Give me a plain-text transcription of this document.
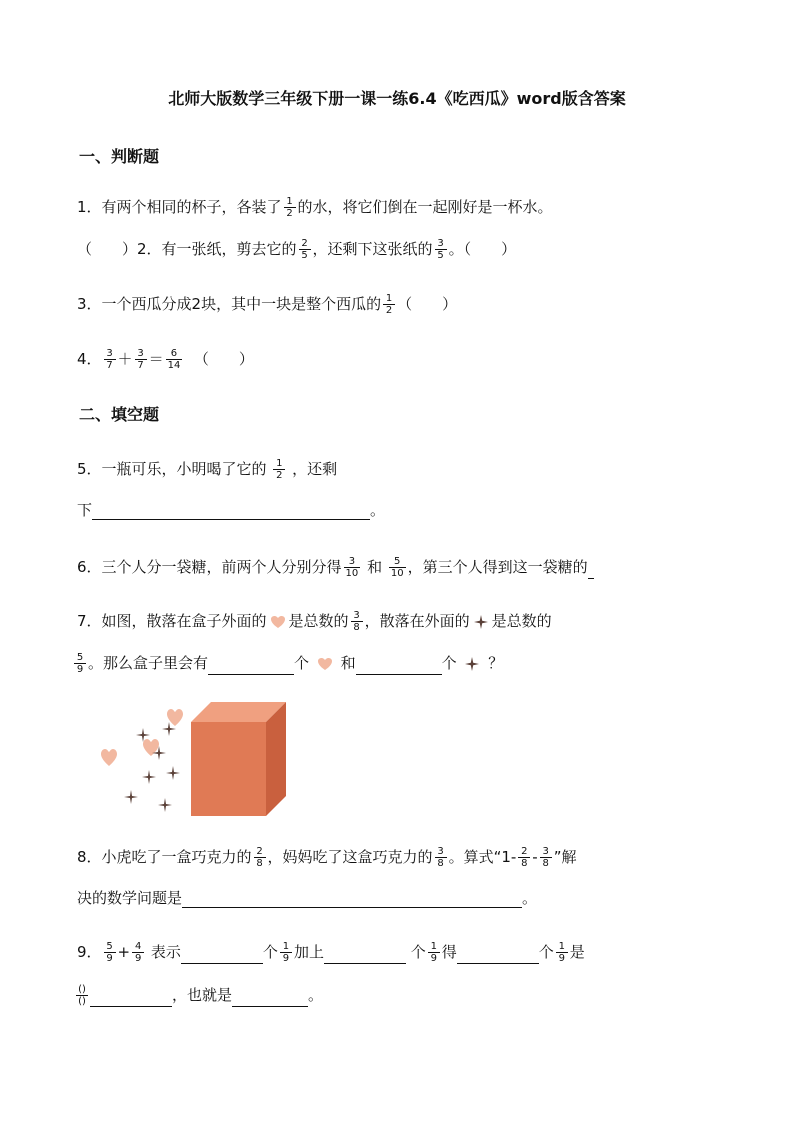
北师大版数学三年级下册一课一练6.4《吃西瓜》word版含答案
一、判断题
1．有两个相同的杯子，各装了 $\frac{1}{2}$ 的水，将它们倒在一起刚好是一杯水。
（　　）2．有一张纸，剪去它的 $\frac{2}{5}$ ，还剩下这张纸的 $\frac{3}{5}$ 。（　　）
3．一个西瓜分成2块，其中一块是整个西瓜的 $\frac{1}{2}$ （　　）
4． $\frac{3}{7} + \frac{3}{7} = \frac{6}{14}$ （　　）
二、填空题
5．一瓶可乐，小明喝了它的 $\frac{1}{2}$ ，还剩
下	。
6．三个人分一袋糖，前两个人分别分得 $\frac{3}{10}$ 和 $\frac{5}{10}$ ，第三个人得到这一袋糖的
7．如图，散落在盒子外面的 是总数的 $\frac{3}{8}$ ，散落在外面的 是总数的
$\frac{5}{9}$ 。那么盒子里会有	个 和	个 ？
8．小虎吃了一盒巧克力的 $\frac{2}{8}$ ，妈妈吃了这盒巧克力的 $\frac{3}{8}$ 。算式“$1- \frac{2}{8} - \frac{3}{8}$ ”解
决的数学问题是	。
9． $\frac{5}{9} + \frac{4}{9}$ 表示	个 $\frac{1}{9}$ 加上	个 $\frac{1}{9}$ 得	个 $\frac{1}{9}$ 是
$\frac{()}{()}$	，也就是	。
